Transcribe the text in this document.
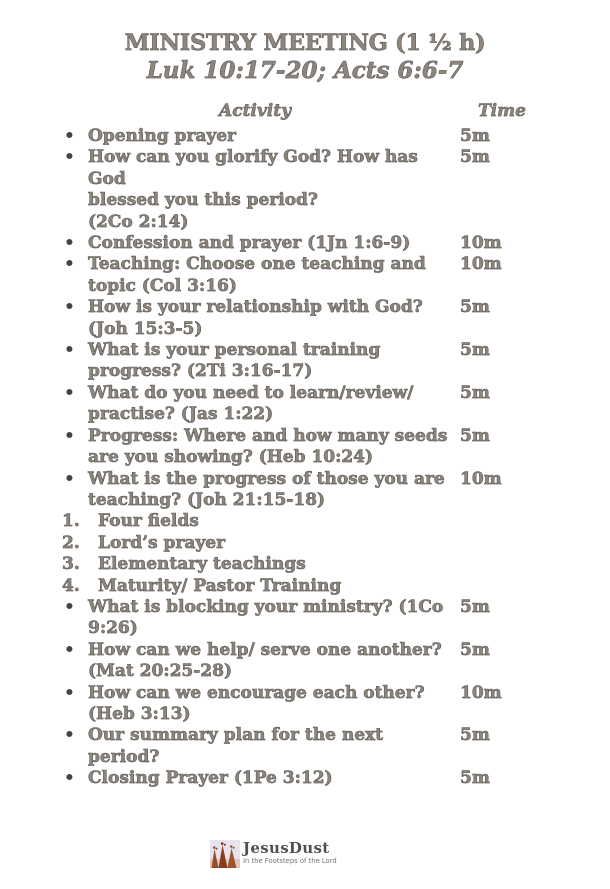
MINISTRY MEETING (1 ½ h)
Luk 10:17-20; Acts 6:6-7
Activity	Time
• Opening prayer	5m
• How can you glorify God? How has God
blessed you this period?
(2Co 2:14)
5m
• Confession and prayer (1Jn 1:6-9)	10m
• Teaching: Choose one teaching and
topic (Col 3:16)
10m
• How is your relationship with God?
(Joh 15:3-5)
5m
• What is your personal training
progress? (2Ti 3:16-17)
5m
• What do you need to learn/review/
practise? (Jas 1:22)
5m
• Progress: Where and how many seeds
are you showing? (Heb 10:24)
5m
• What is the progress of those you are
teaching? (Joh 21:15-18)
10m
1.	Four fields
2.	Lord’s prayer
3.	Elementary teachings
4.	Maturity/ Pastor Training
• What is blocking your ministry? (1Co
9:26)
5m
• How can we help/ serve one another?
(Mat 20:25-28)
5m
• How can we encourage each other?
(Heb 3:13)
10m
• Our summary plan for the next period?
5m
• Closing Prayer (1Pe 3:12)	5m
JesusDust
In the Footsteps of the Lord
